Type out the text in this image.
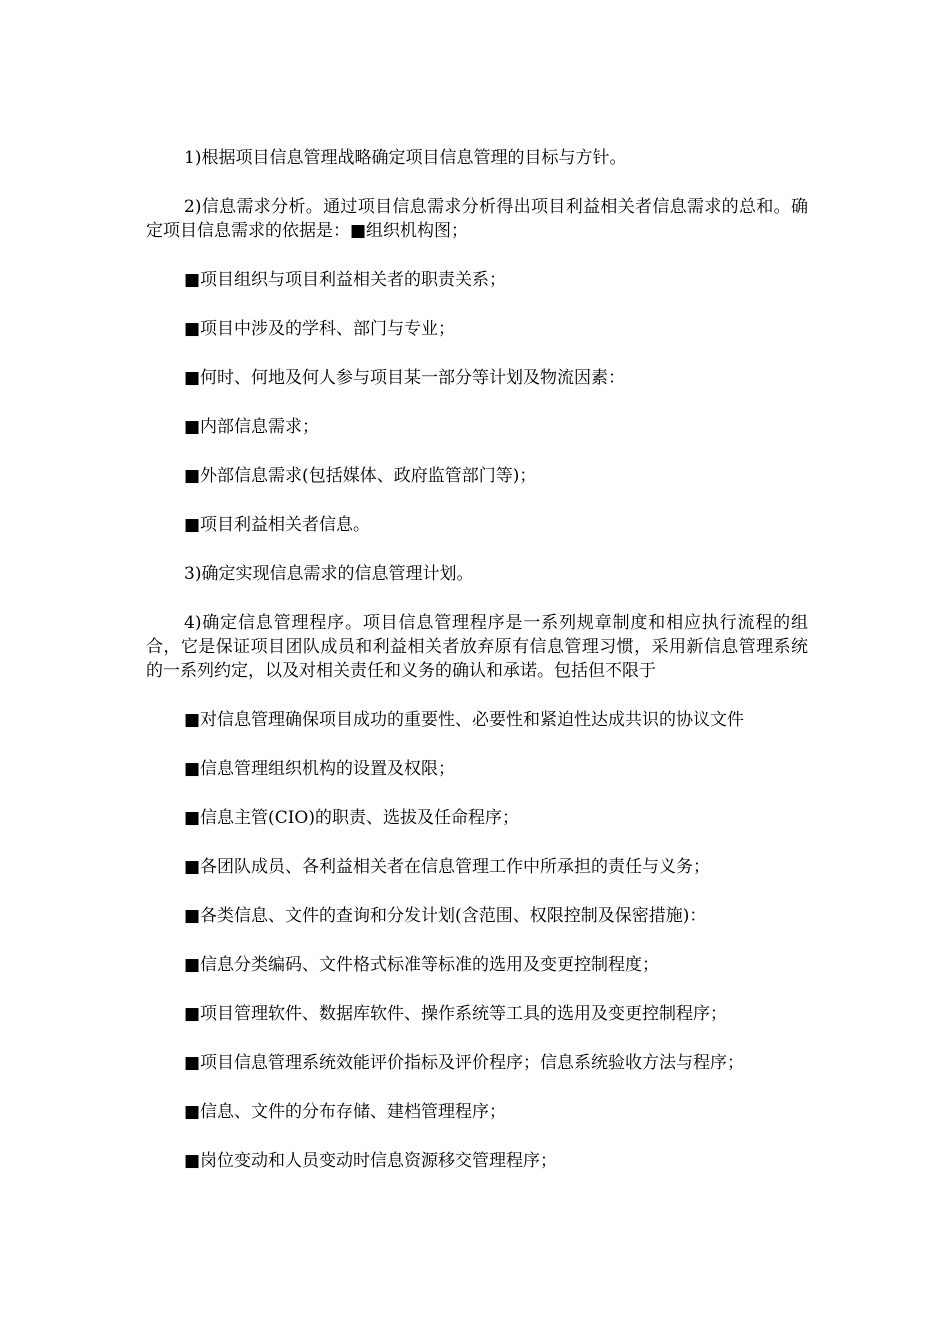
1)根据项目信息管理战略确定项目信息管理的目标与方针。

2)信息需求分析。通过项目信息需求分析得出项目利益相关者信息需求的总和。确定项目信息需求的依据是：■组织机构图；

■项目组织与项目利益相关者的职责关系；

■项目中涉及的学科、部门与专业；

■何时、何地及何人参与项目某一部分等计划及物流因素：

■内部信息需求；

■外部信息需求(包括媒体、政府监管部门等)；

■项目利益相关者信息。

3)确定实现信息需求的信息管理计划。

4)确定信息管理程序。项目信息管理程序是一系列规章制度和相应执行流程的组合，它是保证项目团队成员和利益相关者放弃原有信息管理习惯，采用新信息管理系统的一系列约定，以及对相关责任和义务的确认和承诺。包括但不限于

■对信息管理确保项目成功的重要性、必要性和紧迫性达成共识的协议文件

■信息管理组织机构的设置及权限；

■信息主管(CIO)的职责、选拔及任命程序；

■各团队成员、各利益相关者在信息管理工作中所承担的责任与义务；

■各类信息、文件的查询和分发计划(含范围、权限控制及保密措施)：

■信息分类编码、文件格式标准等标准的选用及变更控制程度；

■项目管理软件、数据库软件、操作系统等工具的选用及变更控制程序；

■项目信息管理系统效能评价指标及评价程序；信息系统验收方法与程序；

■信息、文件的分布存储、建档管理程序；

■岗位变动和人员变动时信息资源移交管理程序；
